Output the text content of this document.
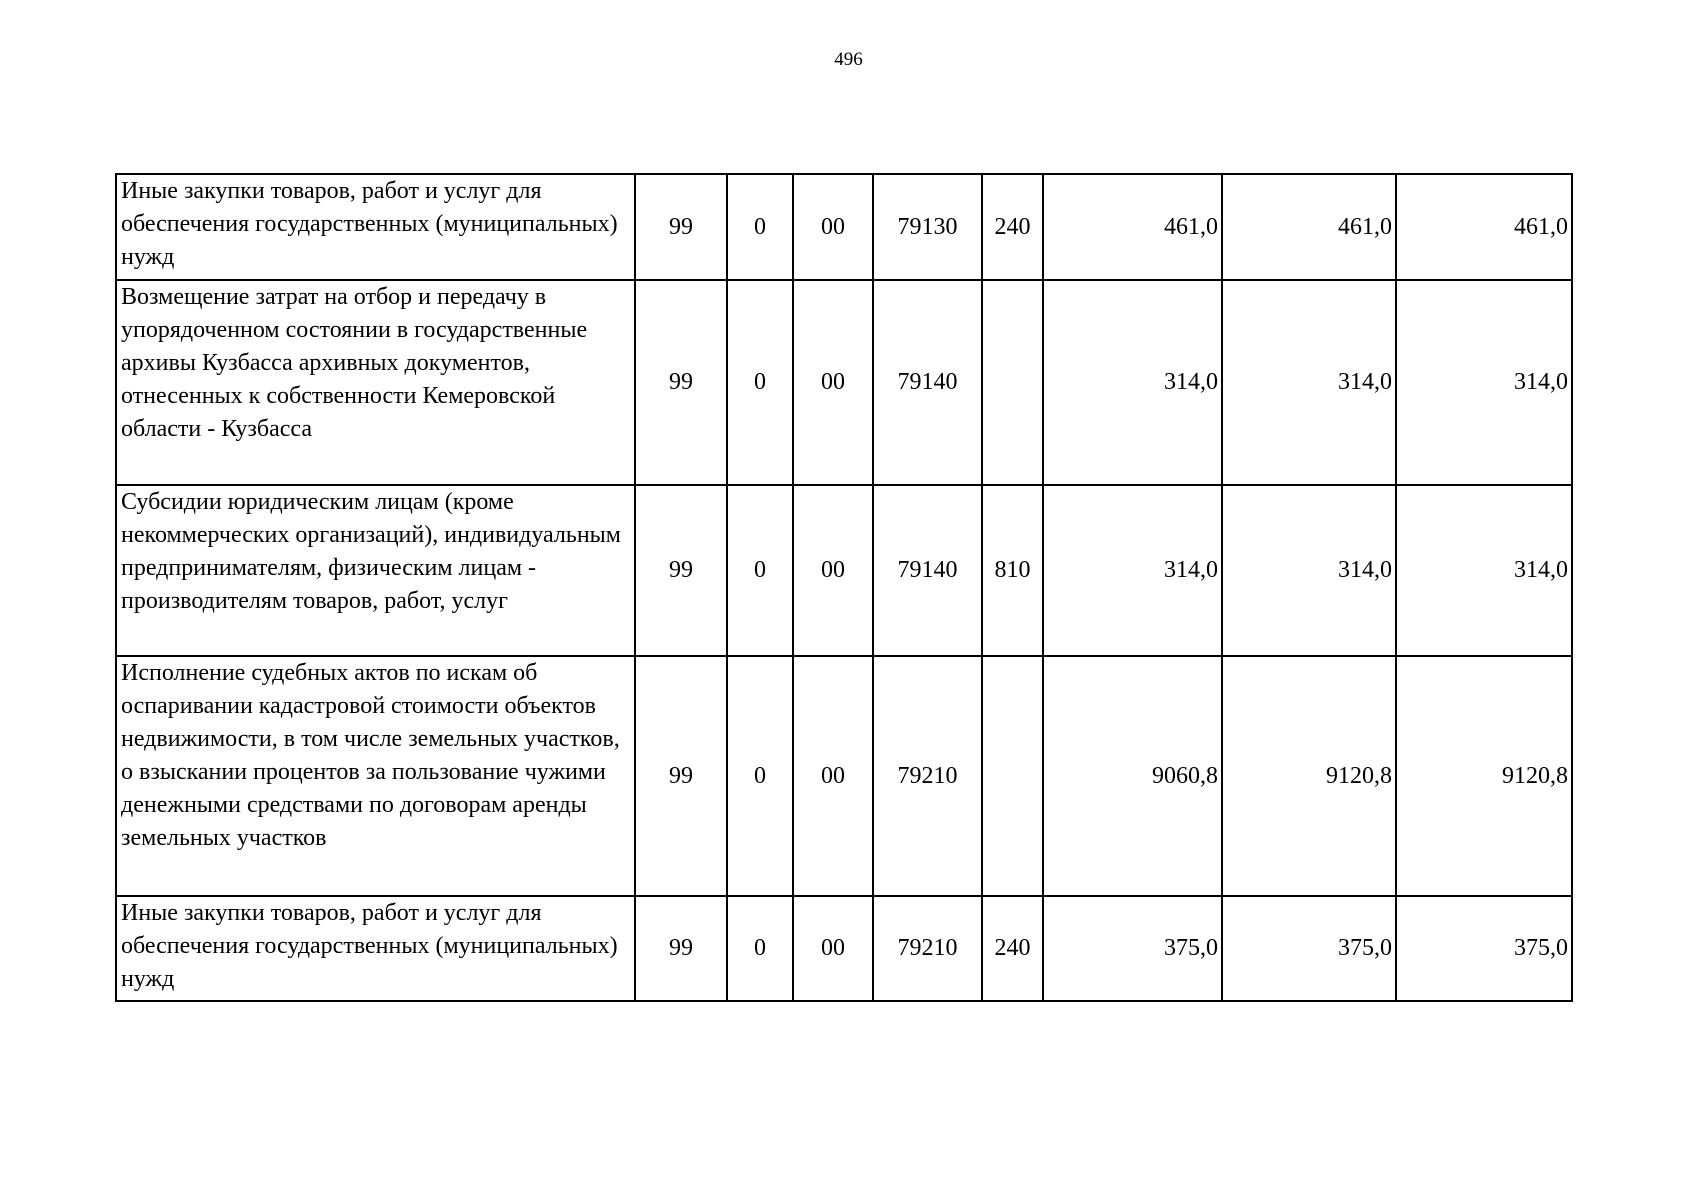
496
Иные закупки товаров, работ и услуг для обеспечения государственных (муниципальных) нужд	99	0	00	79130	240	461,0	461,0	461,0
Возмещение затрат на отбор и передачу в упорядоченном состоянии в государственные архивы Кузбасса архивных документов, отнесенных к собственности Кемеровской области - Кузбасса	99	0	00	79140		314,0	314,0	314,0
Субсидии юридическим лицам (кроме некоммерческих организаций), индивидуальным предпринимателям, физическим лицам - производителям товаров, работ, услуг	99	0	00	79140	810	314,0	314,0	314,0
Исполнение судебных актов по искам об оспаривании кадастровой стоимости объектов недвижимости, в том числе земельных участков, о взыскании процентов за пользование чужими денежными средствами по договорам аренды земельных участков	99	0	00	79210		9060,8	9120,8	9120,8
Иные закупки товаров, работ и услуг для обеспечения государственных (муниципальных) нужд	99	0	00	79210	240	375,0	375,0	375,0
